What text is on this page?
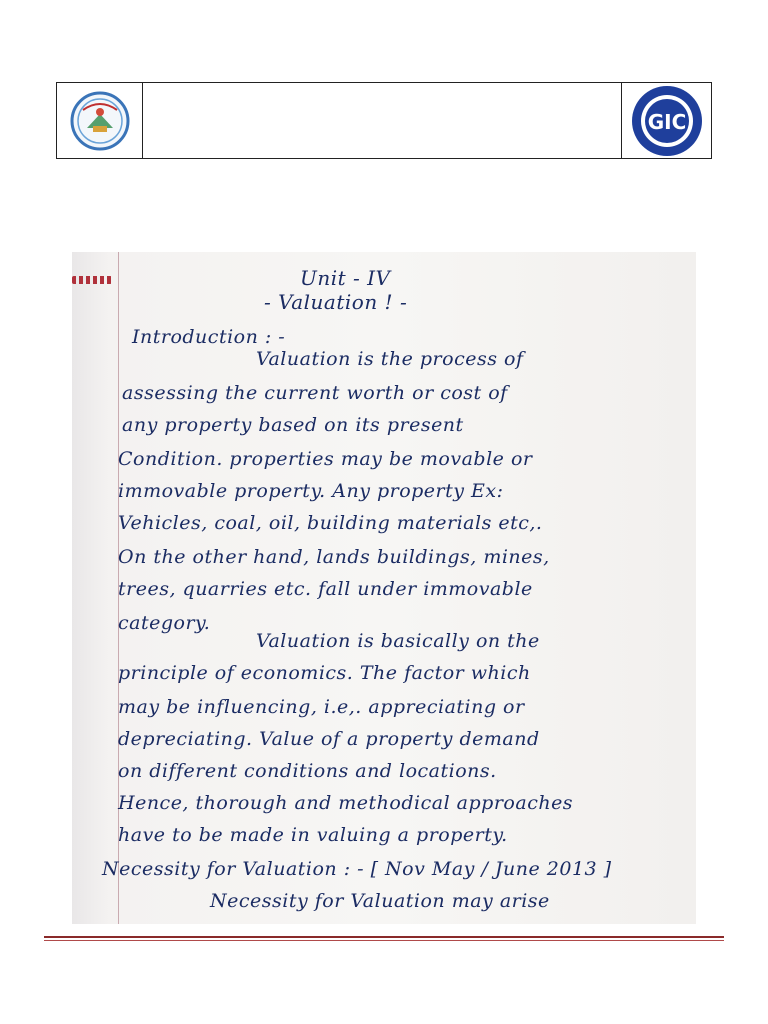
GIC
Unit - IV
- Valuation ! -
Introduction : -
Valuation is the process of
assessing the current worth or cost of
any property based on its present
Condition. properties may be movable or
immovable property. Any property Ex:
Vehicles, coal, oil, building materials etc,.
On the other hand, lands buildings, mines,
trees, quarries etc. fall under immovable
category.
Valuation is basically on the
principle of economics. The factor which
may be influencing, i.e,. appreciating or
depreciating. Value of a property demand
on different conditions and locations.
Hence, thorough and methodical approaches
have to be made in valuing a property.
Necessity for Valuation : - [ Nov May / June 2013 ]
Necessity for Valuation may arise
